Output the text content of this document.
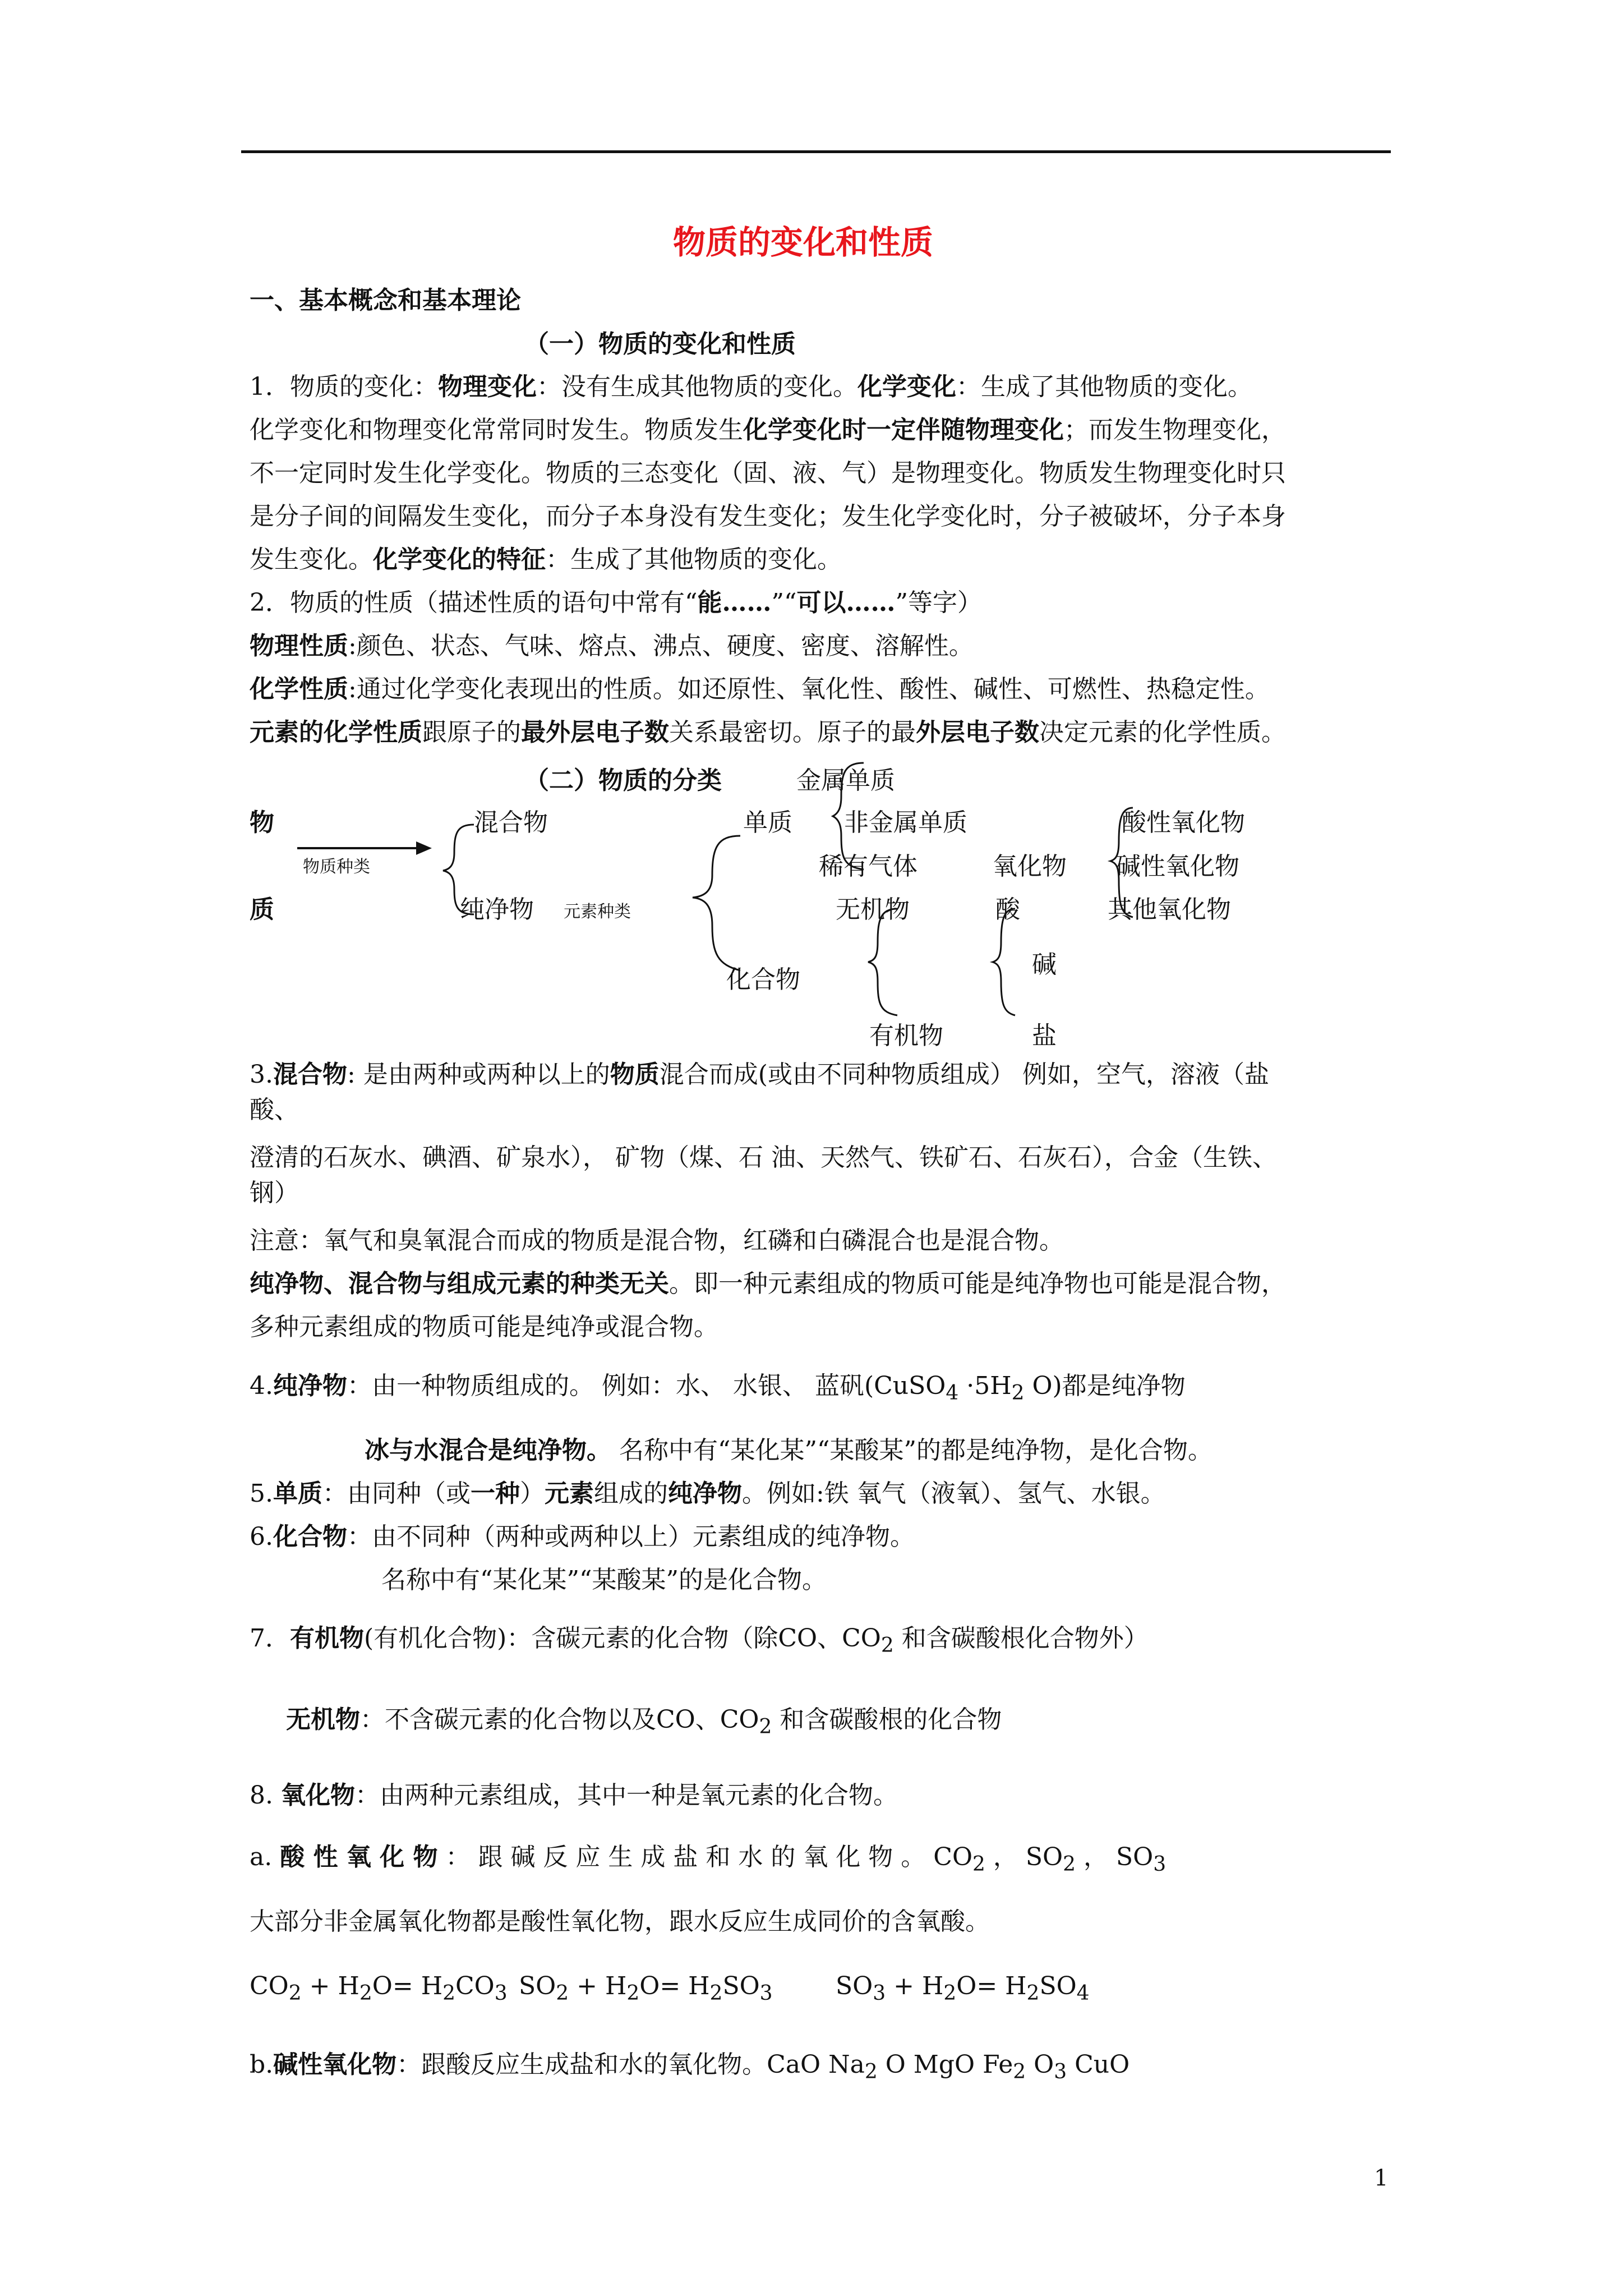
物质的变化和性质
一、基本概念和基本理论
（一）物质的变化和性质
1．物质的变化：物理变化：没有生成其他物质的变化。化学变化：生成了其他物质的变化。
化学变化和物理变化常常同时发生。物质发生化学变化时一定伴随物理变化；而发生物理变化，
不一定同时发生化学变化。物质的三态变化（固、液、气）是物理变化。物质发生物理变化时只
是分子间的间隔发生变化，而分子本身没有发生变化；发生化学变化时，分子被破坏，分子本身
发生变化。化学变化的特征：生成了其他物质的变化。
2．物质的性质（描述性质的语句中常有“能……”“可以……”等字）
物理性质:颜色、状态、气味、熔点、沸点、硬度、密度、溶解性。
化学性质:通过化学变化表现出的性质。如还原性、氧化性、酸性、碱性、可燃性、热稳定性。
元素的化学性质跟原子的最外层电子数关系最密切。原子的最外层电子数决定元素的化学性质。
（二）物质的分类	金属单质
物
质
物质种类
混合物
纯净物 元素种类
单质
化合物
非金属单质
稀有气体
无机物
有机物
氧化物
酸
碱
盐
酸性氧化物
碱性氧化物
其他氧化物
3.混合物: 是由两种或两种以上的物质混合而成(或由不同种物质组成） 例如，空气，溶液（盐
酸、
澄清的石灰水、碘酒、矿泉水）， 矿物（煤、石 油、天然气、铁矿石、石灰石），合金（生铁、
钢）
注意：氧气和臭氧混合而成的物质是混合物，红磷和白磷混合也是混合物。
纯净物、混合物与组成元素的种类无关。即一种元素组成的物质可能是纯净物也可能是混合物，
多种元素组成的物质可能是纯净或混合物。
4.纯净物：由一种物质组成的。 例如：水、 水银、 蓝矾(CuSO$_4$ $\cdot 5H_2$ O)都是纯净物
冰与水混合是纯净物。 名称中有“某化某”“某酸某”的都是纯净物，是化合物。
5.单质：由同种（或一种）元素组成的纯净物。例如:铁 氧气（液氧）、氢气、水银。
6.化合物：由不同种（两种或两种以上）元素组成的纯净物。
名称中有“某化某”“某酸某”的是化合物。
7．有机物(有机化合物)：含碳元素的化合物（除CO、$CO_2$ 和含碳酸根化合物外）
无机物：不含碳元素的化合物以及CO、$CO_2$ 和含碳酸根的化合物
8. 氧化物：由两种元素组成，其中一种是氧元素的化合物。
a. 酸 性 氧 化 物 ： 跟 碱 反 应 生 成 盐 和 水 的 氧 化 物 。 $CO_2$ ， $SO_2$ ， $SO_3$
大部分非金属氧化物都是酸性氧化物，跟水反应生成同价的含氧酸。
$CO_2 + H_2O= H_2CO_3$ $SO_2 + H_2O= H_2SO_3$	$SO_3 + H_2O= H_2SO_4$
b.碱性氧化物：跟酸反应生成盐和水的氧化物。CaO $Na_2$ O MgO $Fe_2$ $O_3$ CuO
1
